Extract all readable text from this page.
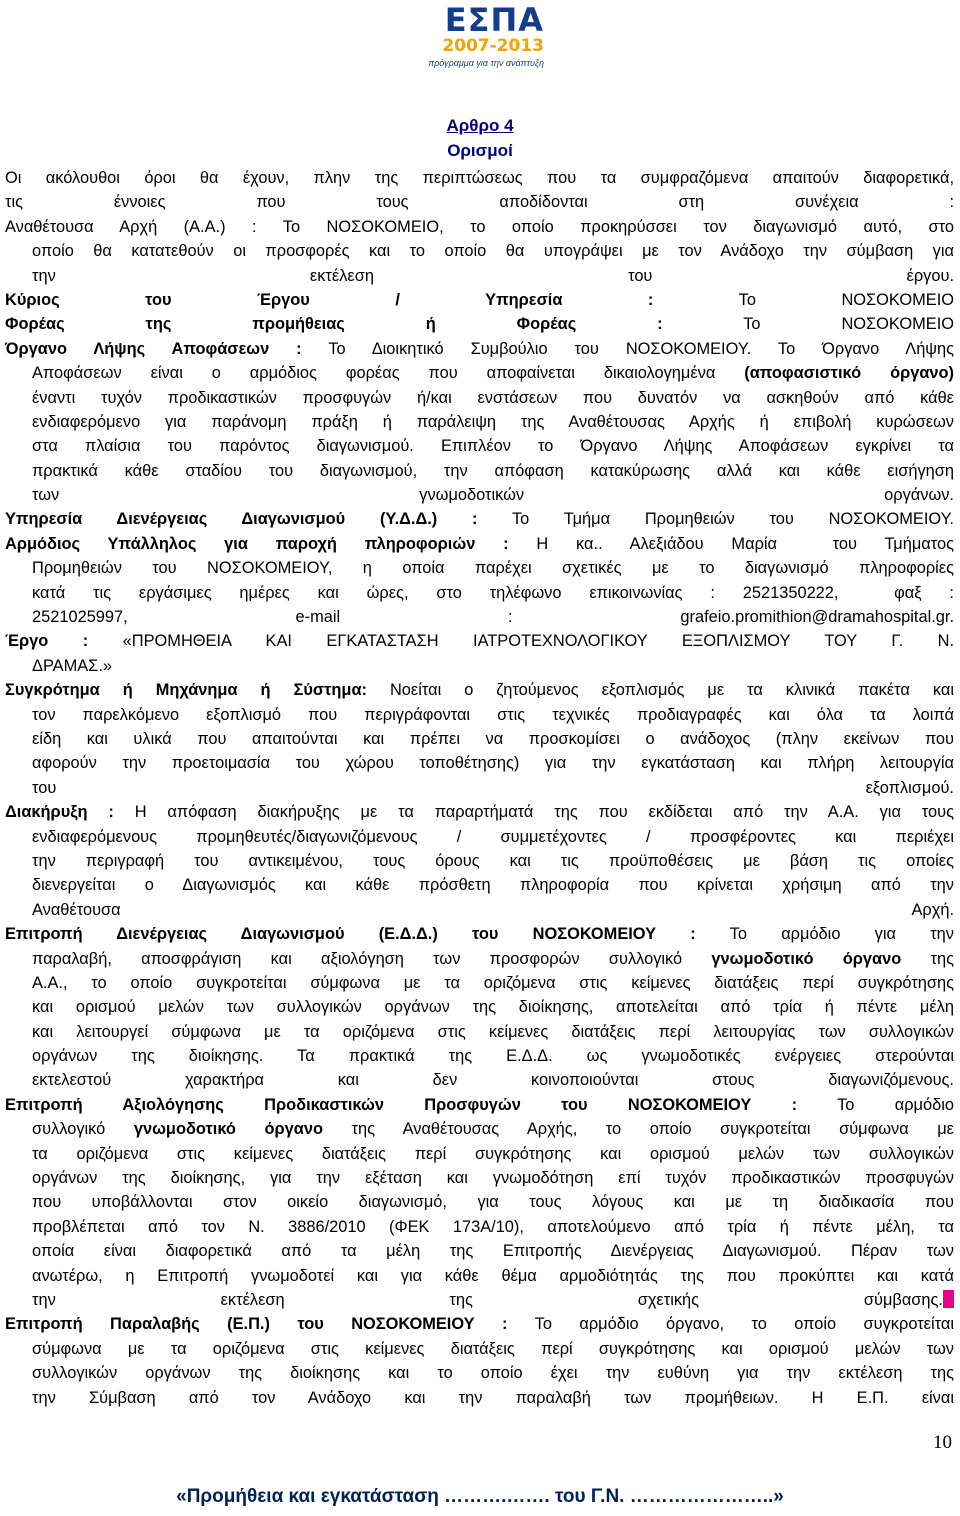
ΕΣΠΑ
2007-2013
πρόγραμμα για την ανάπτυξη
Αρθρο 4
Ορισμοί
Οι ακόλουθοι όροι θα έχουν, πλην της περιπτώσεως που τα συμφραζόμενα απαιτούν διαφορετικά,
τις έννοιες που τους αποδίδονται στη συνέχεια :
Αναθέτουσα Αρχή (Α.Α.) : Το ΝΟΣΟΚΟΜΕΙΟ, το οποίο προκηρύσσει τον διαγωνισμό αυτό, στο
οποίο θα κατατεθούν οι προσφορές και το οποίο θα υπογράψει με τον Ανάδοχο την σύμβαση για
την εκτέλεση του έργου.
Κύριος του Έργου / Υπηρεσία : Το ΝΟΣΟΚΟΜΕΙΟ
Φορέας της προμήθειας ή Φορέας : Το ΝΟΣΟΚΟΜΕΙΟ
Όργανο Λήψης Αποφάσεων : Το Διοικητικό Συμβούλιο του ΝΟΣΟΚΟΜΕΙΟΥ. Το Όργανο Λήψης
Αποφάσεων είναι ο αρμόδιος φορέας που αποφαίνεται δικαιολογημένα (αποφασιστικό όργανο)
έναντι τυχόν προδικαστικών προσφυγών ή/και ενστάσεων που δυνατόν να ασκηθούν από κάθε
ενδιαφερόμενο για παράνομη πράξη ή παράλειψη της Αναθέτουσας Αρχής ή επιβολή κυρώσεων
στα πλαίσια του παρόντος διαγωνισμού. Επιπλέον το Όργανο Λήψης Αποφάσεων εγκρίνει τα
πρακτικά κάθε σταδίου του διαγωνισμού, την απόφαση κατακύρωσης αλλά και κάθε εισήγηση
των γνωμοδοτικών οργάνων.
Υπηρεσία Διενέργειας Διαγωνισμού (Υ.Δ.Δ.) : Το Τμήμα Προμηθειών του ΝΟΣΟΚΟΜΕΙΟΥ.
Αρμόδιος Υπάλληλος για παροχή πληροφοριών : Η κα.. Αλεξιάδου Μαρία  του Τμήματος
Προμηθειών του ΝΟΣΟΚΟΜΕΙΟΥ, η οποία παρέχει σχετικές με το διαγωνισμό πληροφορίες
κατά τις εργάσιμες ημέρες και ώρες, στο τηλέφωνο επικοινωνίας : 2521350222,  φαξ :
2521025997, e-mail : grafeio.promithion@dramahospital.gr.
Έργο : «ΠΡΟΜΗΘΕΙΑ ΚΑΙ ΕΓΚΑΤΑΣΤΑΣΗ ΙΑΤΡΟΤΕΧΝΟΛΟΓΙΚΟΥ ΕΞΟΠΛΙΣΜΟΥ ΤΟΥ Γ. Ν.
ΔΡΑΜΑΣ.»
Συγκρότημα ή Μηχάνημα ή Σύστημα: Νοείται ο ζητούμενος εξοπλισμός με τα κλινικά πακέτα και
τον παρελκόμενο εξοπλισμό που περιγράφονται στις τεχνικές προδιαγραφές και όλα τα λοιπά
είδη και υλικά που απαιτούνται και πρέπει να προσκομίσει ο ανάδοχος (πλην εκείνων που
αφορούν την προετοιμασία του χώρου τοποθέτησης) για την εγκατάσταση και πλήρη λειτουργία
του εξοπλισμού.
Διακήρυξη : Η απόφαση διακήρυξης με τα παραρτήματά της που εκδίδεται από την Α.Α. για τους
ενδιαφερόμενους προμηθευτές/διαγωνιζόμενους / συμμετέχοντες / προσφέροντες και περιέχει
την περιγραφή του αντικειμένου, τους όρους και τις προϋποθέσεις με βάση τις οποίες
διενεργείται ο Διαγωνισμός και κάθε πρόσθετη πληροφορία που κρίνεται χρήσιμη από την
Αναθέτουσα Αρχή.
Επιτροπή Διενέργειας Διαγωνισμού (Ε.Δ.Δ.) του ΝΟΣΟΚΟΜΕΙΟΥ : Το αρμόδιο για την
παραλαβή, αποσφράγιση και αξιολόγηση των προσφορών συλλογικό γνωμοδοτικό όργανο της
Α.Α., το οποίο συγκροτείται σύμφωνα με τα οριζόμενα στις κείμενες διατάξεις περί συγκρότησης
και ορισμού μελών των συλλογικών οργάνων της διοίκησης, αποτελείται από τρία ή πέντε μέλη
και λειτουργεί σύμφωνα με τα οριζόμενα στις κείμενες διατάξεις περί λειτουργίας των συλλογικών
οργάνων της διοίκησης. Τα πρακτικά της Ε.Δ.Δ. ως γνωμοδοτικές ενέργειες στερούνται
εκτελεστού χαρακτήρα και δεν κοινοποιούνται στους διαγωνιζόμενους.
Επιτροπή Αξιολόγησης Προδικαστικών Προσφυγών του ΝΟΣΟΚΟΜΕΙΟΥ : Το αρμόδιο
συλλογικό γνωμοδοτικό όργανο της Αναθέτουσας Αρχής, το οποίο συγκροτείται σύμφωνα με
τα οριζόμενα στις κείμενες διατάξεις περί συγκρότησης και ορισμού μελών των συλλογικών
οργάνων της διοίκησης, για την εξέταση και γνωμοδότηση επί τυχόν προδικαστικών προσφυγών
που υποβάλλονται στον οικείο διαγωνισμό, για τους λόγους και με τη διαδικασία που
προβλέπεται από τον Ν. 3886/2010 (ΦΕΚ 173Α/10), αποτελούμενο από τρία ή πέντε μέλη, τα
οποία είναι διαφορετικά από τα μέλη της Επιτροπής Διενέργειας Διαγωνισμού. Πέραν των
ανωτέρω, η Επιτροπή γνωμοδοτεί και για κάθε θέμα αρμοδιότητάς της που προκύπτει και κατά
την εκτέλεση της σχετικής σύμβασης.
Επιτροπή Παραλαβής (Ε.Π.) του ΝΟΣΟΚΟΜΕΙΟΥ : Το αρμόδιο όργανο, το οποίο συγκροτείται
σύμφωνα με τα οριζόμενα στις κείμενες διατάξεις περί συγκρότησης και ορισμού μελών των
συλλογικών οργάνων της διοίκησης και το οποίο έχει την ευθύνη για την εκτέλεση της
την Σύμβαση από τον Ανάδοχο και την παραλαβή των προμήθειων. Η Ε.Π. είναι
10
«Προμήθεια και εγκατάσταση ……….……. του Γ.Ν. …………………..»
